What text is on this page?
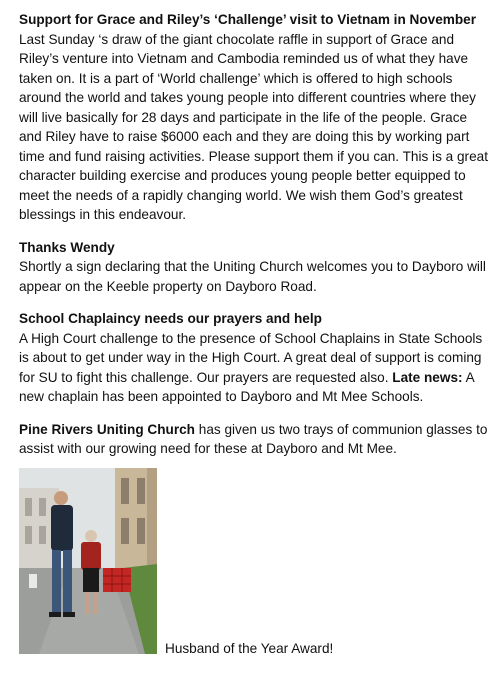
Support for Grace and Riley’s ‘Challenge’ visit to Vietnam in November
Last Sunday ‘s draw of the giant chocolate raffle in support of Grace and Riley’s venture into Vietnam and Cambodia reminded us of what they have taken on. It is a part of ‘World challenge’ which is offered to high schools around the world and takes young people into different countries where they will live basically for 28 days and participate in the life of the people. Grace and Riley have to raise $6000 each and they are doing this by working part time and fund raising activities. Please support them if you can. This is a great character building exercise and produces young people better equipped to meet the needs of a rapidly changing world. We wish them God’s greatest blessings in this endeavour.

Thanks Wendy
Shortly a sign declaring that the Uniting Church welcomes you to Dayboro will appear on the Keeble property on Dayboro Road.

School Chaplaincy needs our prayers and help
A High Court challenge to the presence of School Chaplains in State Schools is about to get under way in the High Court. A great deal of support is coming for SU to fight this challenge. Our prayers are requested also. Late news: A new chaplain has been appointed to Dayboro and Mt Mee Schools.

Pine Rivers Uniting Church has given us two trays of communion glasses to assist with our growing need for these at Dayboro and Mt Mee.

Husband of the Year Award!
